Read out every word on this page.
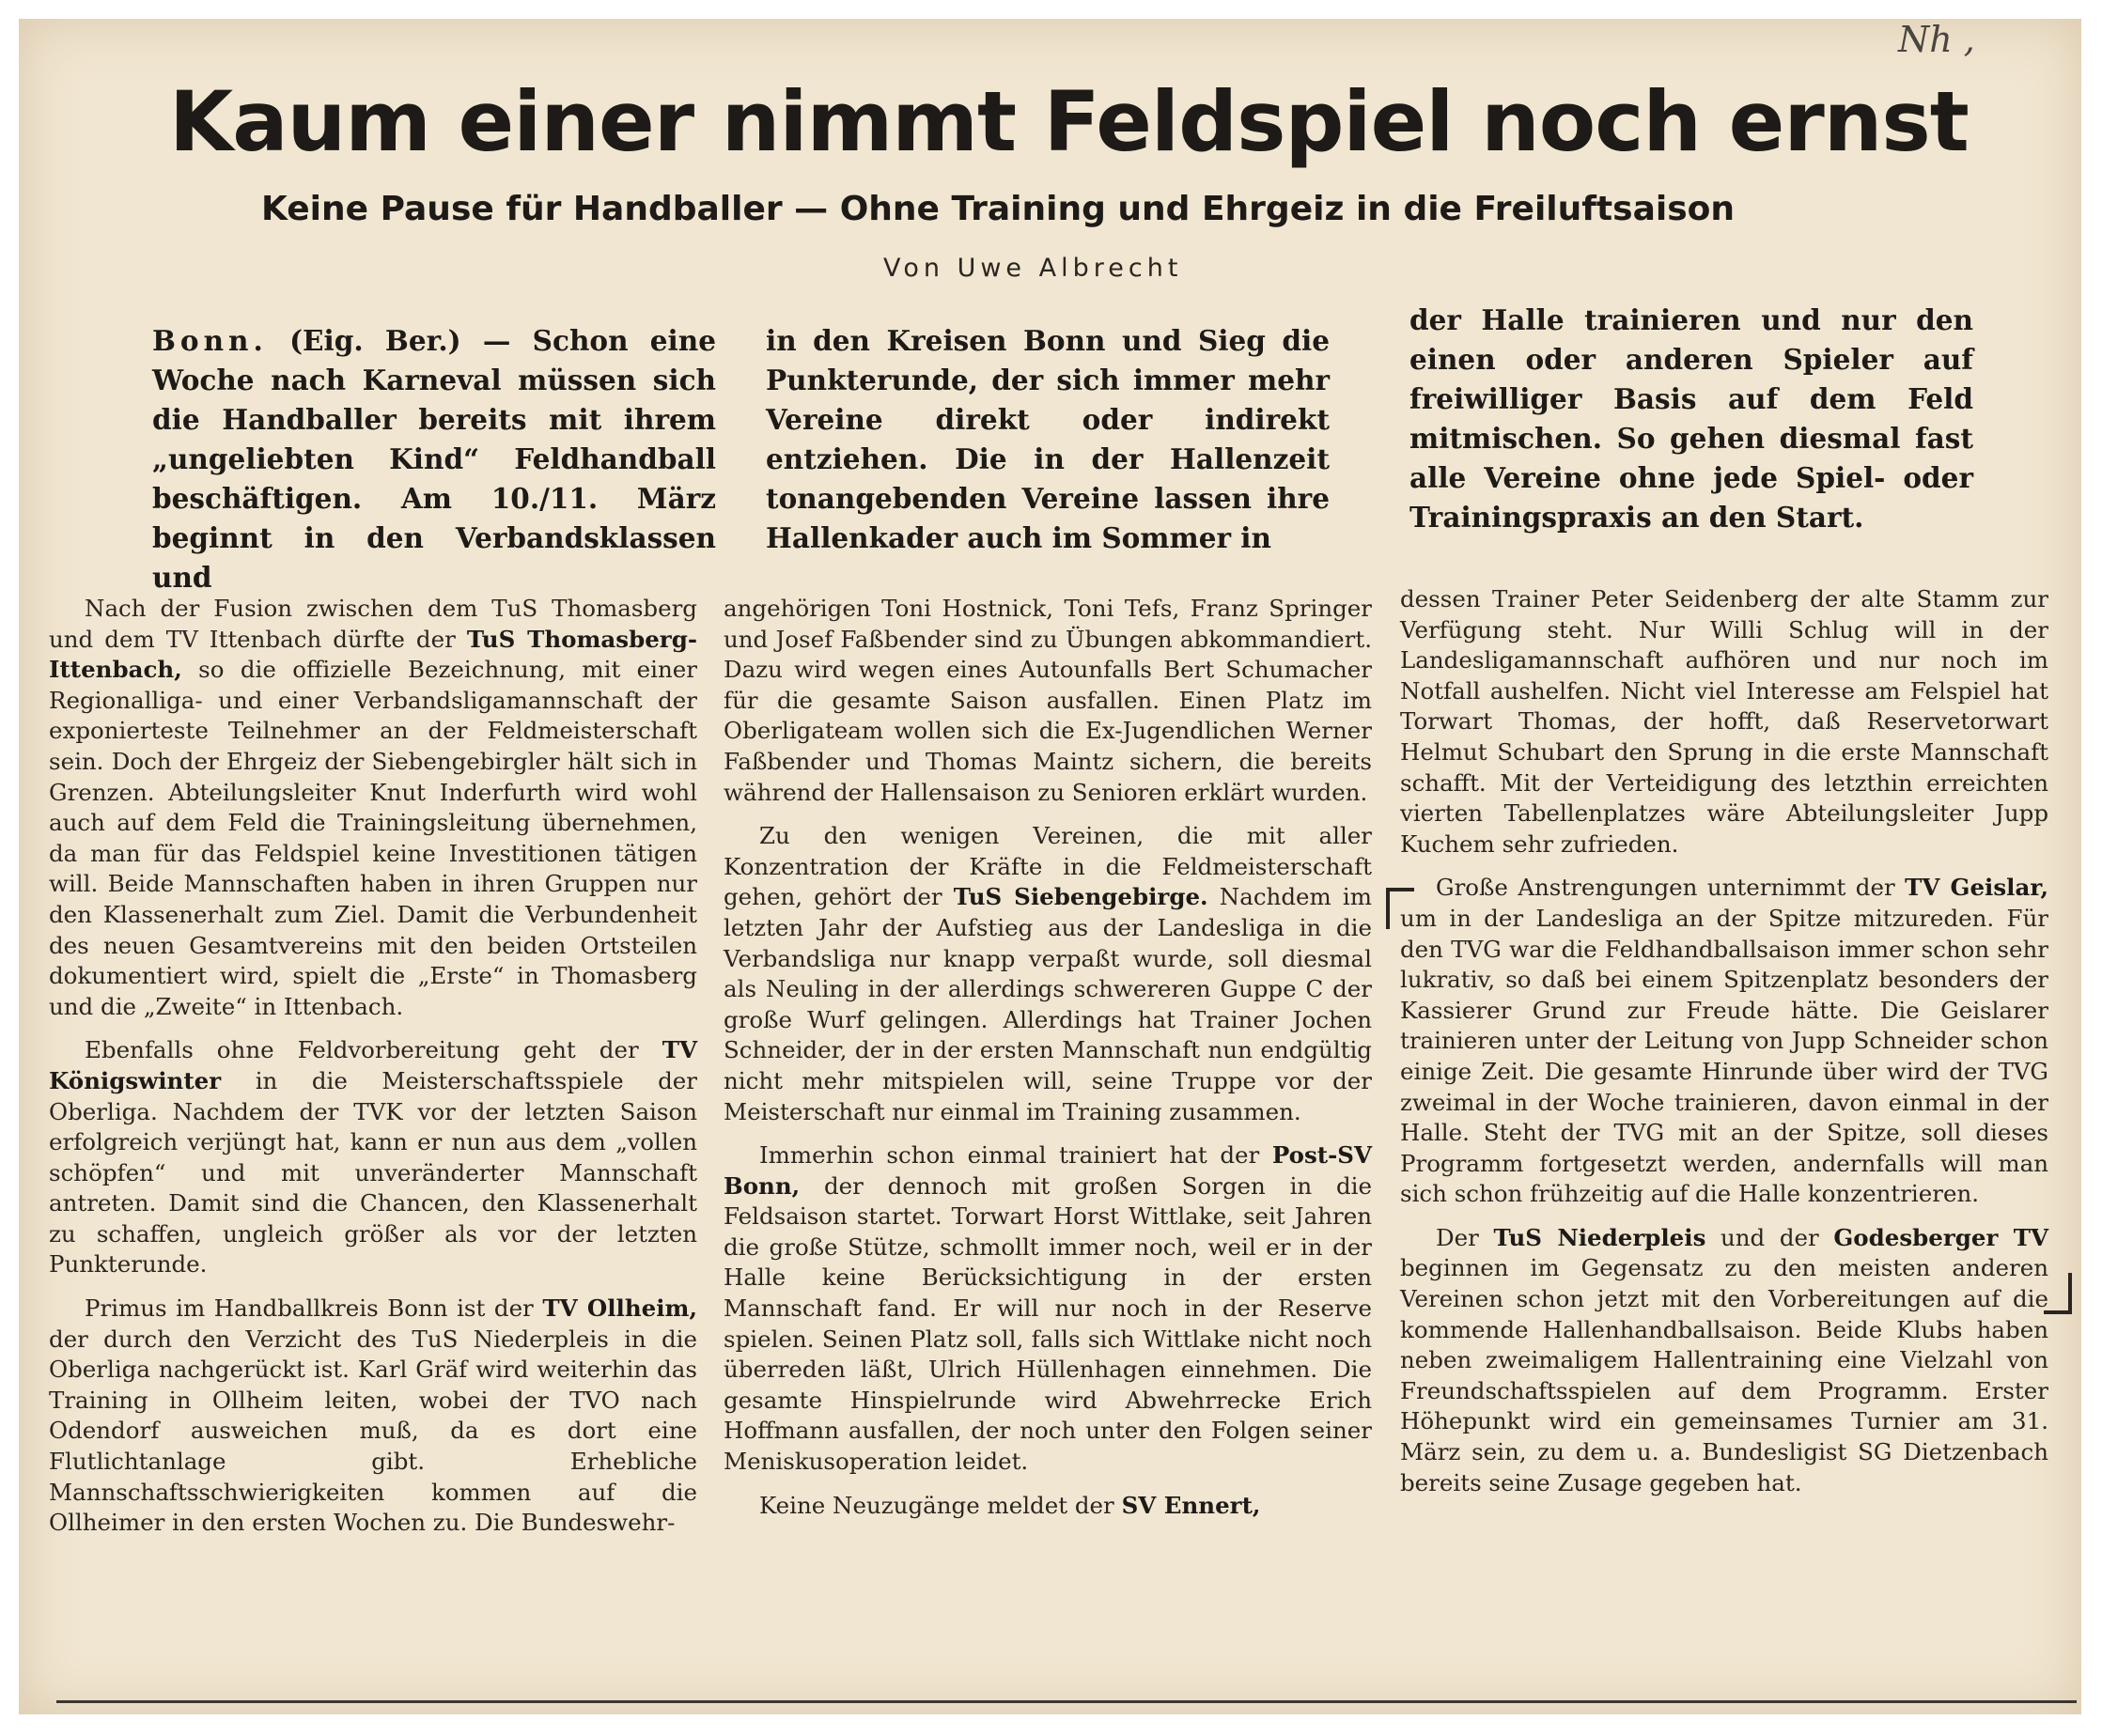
Nh ,
Kaum einer nimmt Feldspiel noch ernst
Keine Pause für Handballer — Ohne Training und Ehrgeiz in die Freiluftsaison
Von Uwe Albrecht
Bonn. (Eig. Ber.) — Schon eine Woche nach Karneval müssen sich die Handballer bereits mit ihrem „ungeliebten Kind“ Feldhandball beschäftigen. Am 10./11. März beginnt in den Verbandsklassen und
in den Kreisen Bonn und Sieg die Punkterunde, der sich immer mehr Vereine direkt oder indirekt entziehen. Die in der Hallenzeit tonangebenden Vereine lassen ihre Hallenkader auch im Sommer in
der Halle trainieren und nur den einen oder anderen Spieler auf freiwilliger Basis auf dem Feld mitmischen. So gehen diesmal fast alle Vereine ohne jede Spiel- oder Trainingspraxis an den Start.

Nach der Fusion zwischen dem TuS Thomasberg und dem TV Ittenbach dürfte der TuS Thomasberg-Ittenbach, so die offizielle Bezeichnung, mit einer Regionalliga- und einer Verbandsligamannschaft der exponierteste Teilnehmer an der Feldmeisterschaft sein. Doch der Ehrgeiz der Siebengebirgler hält sich in Grenzen. Abteilungsleiter Knut Inderfurth wird wohl auch auf dem Feld die Trainingsleitung übernehmen, da man für das Feldspiel keine Investitionen tätigen will. Beide Mannschaften haben in ihren Gruppen nur den Klassenerhalt zum Ziel. Damit die Verbundenheit des neuen Gesamtvereins mit den beiden Ortsteilen dokumentiert wird, spielt die „Erste“ in Thomasberg und die „Zweite“ in Ittenbach.

Ebenfalls ohne Feldvorbereitung geht der TV Königswinter in die Meisterschaftsspiele der Oberliga. Nachdem der TVK vor der letzten Saison erfolgreich verjüngt hat, kann er nun aus dem „vollen schöpfen“ und mit unveränderter Mannschaft antreten. Damit sind die Chancen, den Klassenerhalt zu schaffen, ungleich größer als vor der letzten Punkterunde.

Primus im Handballkreis Bonn ist der TV Ollheim, der durch den Verzicht des TuS Niederpleis in die Oberliga nachgerückt ist. Karl Gräf wird weiterhin das Training in Ollheim leiten, wobei der TVO nach Odendorf ausweichen muß, da es dort eine Flutlichtanlage gibt. Erhebliche Mannschaftsschwierigkeiten kommen auf die Ollheimer in den ersten Wochen zu. Die Bundeswehr-

angehörigen Toni Hostnick, Toni Tefs, Franz Springer und Josef Faßbender sind zu Übungen abkommandiert. Dazu wird wegen eines Autounfalls Bert Schumacher für die gesamte Saison ausfallen. Einen Platz im Oberligateam wollen sich die Ex-Jugendlichen Werner Faßbender und Thomas Maintz sichern, die bereits während der Hallensaison zu Senioren erklärt wurden.

Zu den wenigen Vereinen, die mit aller Konzentration der Kräfte in die Feldmeisterschaft gehen, gehört der TuS Siebengebirge. Nachdem im letzten Jahr der Aufstieg aus der Landesliga in die Verbandsliga nur knapp verpaßt wurde, soll diesmal als Neuling in der allerdings schwereren Guppe C der große Wurf gelingen. Allerdings hat Trainer Jochen Schneider, der in der ersten Mannschaft nun endgültig nicht mehr mitspielen will, seine Truppe vor der Meisterschaft nur einmal im Training zusammen.

Immerhin schon einmal trainiert hat der Post-SV Bonn, der dennoch mit großen Sorgen in die Feldsaison startet. Torwart Horst Wittlake, seit Jahren die große Stütze, schmollt immer noch, weil er in der Halle keine Berücksichtigung in der ersten Mannschaft fand. Er will nur noch in der Reserve spielen. Seinen Platz soll, falls sich Wittlake nicht noch überreden läßt, Ulrich Hüllenhagen einnehmen. Die gesamte Hinspielrunde wird Abwehrrecke Erich Hoffmann ausfallen, der noch unter den Folgen seiner Meniskusoperation leidet.

Keine Neuzugänge meldet der SV Ennert,

dessen Trainer Peter Seidenberg der alte Stamm zur Verfügung steht. Nur Willi Schlug will in der Landesligamannschaft aufhören und nur noch im Notfall aushelfen. Nicht viel Interesse am Felspiel hat Torwart Thomas, der hofft, daß Reservetorwart Helmut Schubart den Sprung in die erste Mannschaft schafft. Mit der Verteidigung des letzthin erreichten vierten Tabellenplatzes wäre Abteilungsleiter Jupp Kuchem sehr zufrieden.

Große Anstrengungen unternimmt der TV Geislar, um in der Landesliga an der Spitze mitzureden. Für den TVG war die Feldhandballsaison immer schon sehr lukrativ, so daß bei einem Spitzenplatz besonders der Kassierer Grund zur Freude hätte. Die Geislarer trainieren unter der Leitung von Jupp Schneider schon einige Zeit. Die gesamte Hinrunde über wird der TVG zweimal in der Woche trainieren, davon einmal in der Halle. Steht der TVG mit an der Spitze, soll dieses Programm fortgesetzt werden, andernfalls will man sich schon frühzeitig auf die Halle konzentrieren.

Der TuS Niederpleis und der Godesberger TV beginnen im Gegensatz zu den meisten anderen Vereinen schon jetzt mit den Vorbereitungen auf die kommende Hallenhandballsaison. Beide Klubs haben neben zweimaligem Hallentraining eine Vielzahl von Freundschaftsspielen auf dem Programm. Erster Höhepunkt wird ein gemeinsames Turnier am 31. März sein, zu dem u. a. Bundesligist SG Dietzenbach bereits seine Zusage gegeben hat.
